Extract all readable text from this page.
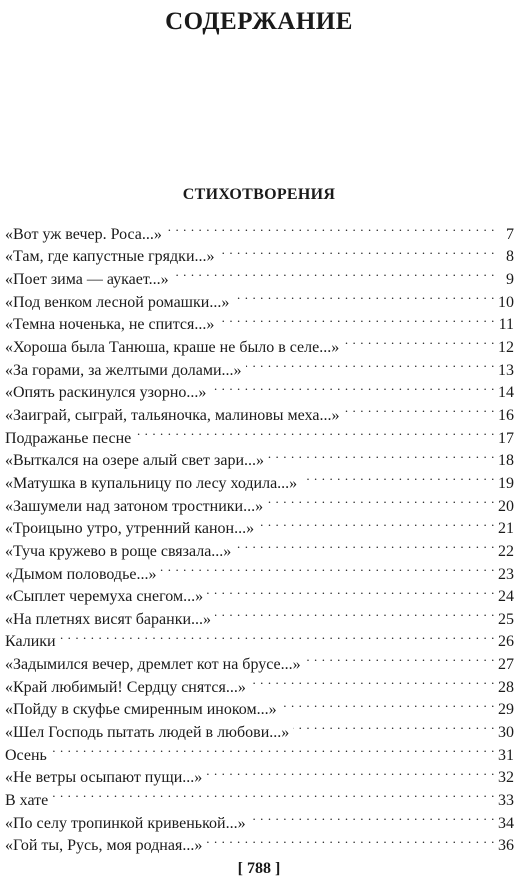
СОДЕРЖАНИЕ
СТИХОТВОРЕНИЯ
«Вот уж вечер. Роса...» . . .	7
«Там, где капустные грядки...» . . .	8
«Поет зима — аукает...» . . .	9
«Под венком лесной ромашки...» . . .	10
«Темна ноченька, не спится...» . . .	11
«Хороша была Танюша, краше не было в селе...» . . .	12
«За горами, за желтыми долами...» . . .	13
«Опять раскинулся узорно...» . . .	14
«Заиграй, сыграй, тальяночка, малиновы меха...» . . .	16
Подражанье песне . . .	17
«Выткался на озере алый свет зари...» . . .	18
«Матушка в купальницу по лесу ходила...» . . .	19
«Зашумели над затоном тростники...» . . .	20
«Троицыно утро, утренний канон...» . . .	21
«Туча кружево в роще связала...» . . .	22
«Дымом половодье...» . . .	23
«Сыплет черемуха снегом...» . . .	24
«На плетнях висят баранки...» . . .	25
Калики . . .	26
«Задымился вечер, дремлет кот на брусе...» . . .	27
«Край любимый! Сердцу снятся...» . . .	28
«Пойду в скуфье смиренным иноком...» . . .	29
«Шел Господь пытать людей в любови...» . . .	30
Осень . . .	31
«Не ветры осыпают пущи...» . . .	32
В хате . . .	33
«По селу тропинкой кривенькой...» . . .	34
«Гой ты, Русь, моя родная...» . . .	36
[ 788 ]
